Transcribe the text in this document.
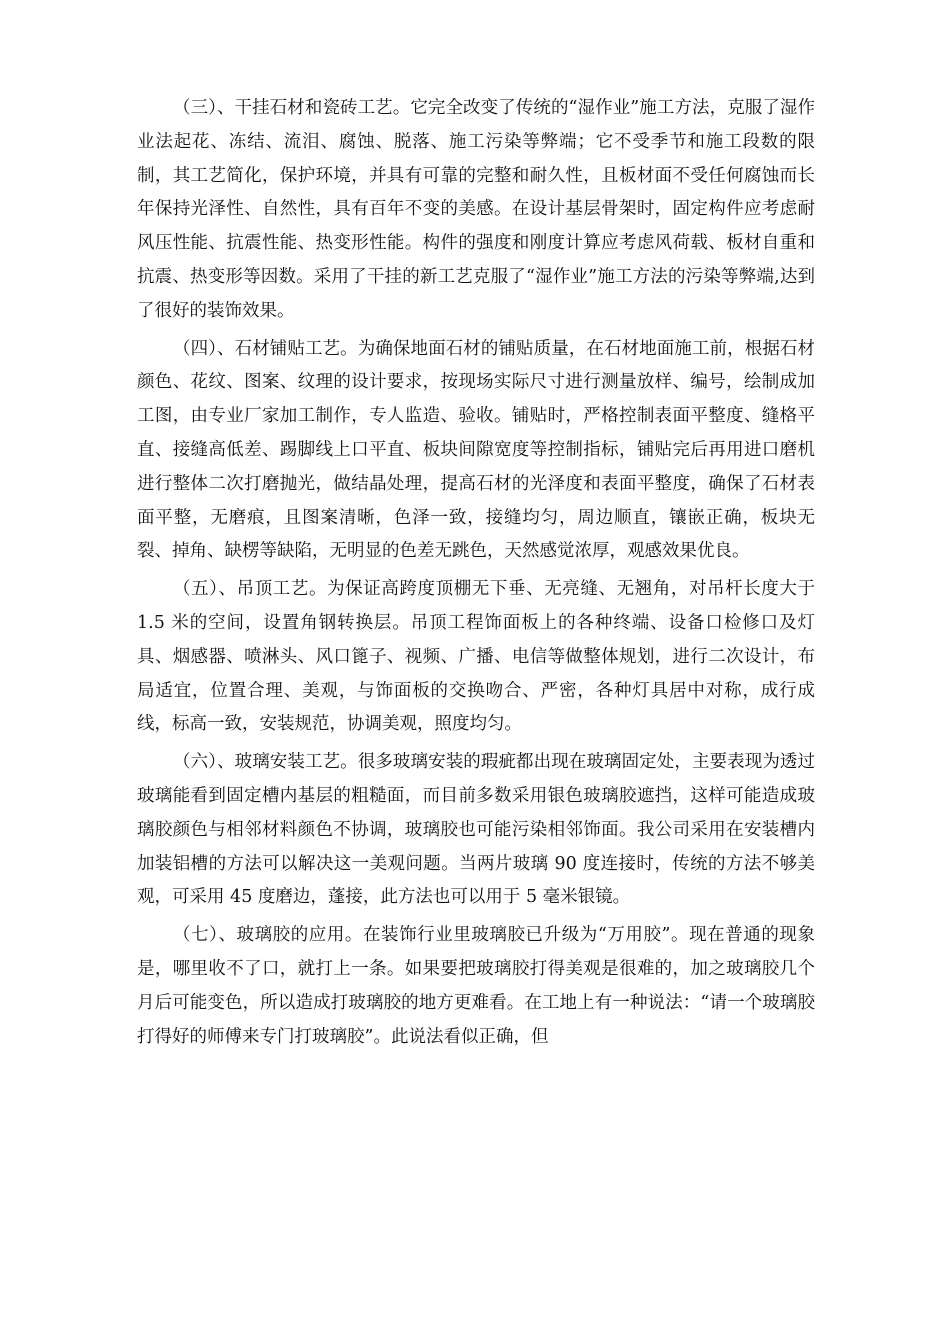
（三）、干挂石材和瓷砖工艺。它完全改变了传统的“湿作业”施工方法，克服了湿作业法起花、冻结、流泪、腐蚀、脱落、施工污染等弊端；它不受季节和施工段数的限制，其工艺简化，保护环境，并具有可靠的完整和耐久性，且板材面不受任何腐蚀而长年保持光泽性、自然性，具有百年不变的美感。在设计基层骨架时，固定构件应考虑耐风压性能、抗震性能、热变形性能。构件的强度和刚度计算应考虑风荷载、板材自重和抗震、热变形等因数。采用了干挂的新工艺克服了“湿作业”施工方法的污染等弊端,达到了很好的装饰效果。

（四）、石材铺贴工艺。为确保地面石材的铺贴质量，在石材地面施工前，根据石材颜色、花纹、图案、纹理的设计要求，按现场实际尺寸进行测量放样、编号，绘制成加工图，由专业厂家加工制作，专人监造、验收。铺贴时，严格控制表面平整度、缝格平直、接缝高低差、踢脚线上口平直、板块间隙宽度等控制指标，铺贴完后再用进口磨机进行整体二次打磨抛光，做结晶处理，提高石材的光泽度和表面平整度，确保了石材表面平整，无磨痕，且图案清晰，色泽一致，接缝均匀，周边顺直，镶嵌正确，板块无裂、掉角、缺楞等缺陷，无明显的色差无跳色，天然感觉浓厚，观感效果优良。

（五）、吊顶工艺。为保证高跨度顶棚无下垂、无亮缝、无翘角，对吊杆长度大于 1.5 米的空间，设置角钢转换层。吊顶工程饰面板上的各种终端、设备口检修口及灯具、烟感器、喷淋头、风口篦子、视频、广播、电信等做整体规划，进行二次设计，布局适宜，位置合理、美观，与饰面板的交换吻合、严密，各种灯具居中对称，成行成线，标高一致，安装规范，协调美观，照度均匀。

（六）、玻璃安装工艺。很多玻璃安装的瑕疵都出现在玻璃固定处，主要表现为透过玻璃能看到固定槽内基层的粗糙面，而目前多数采用银色玻璃胶遮挡，这样可能造成玻璃胶颜色与相邻材料颜色不协调，玻璃胶也可能污染相邻饰面。我公司采用在安装槽内加装铝槽的方法可以解决这一美观问题。当两片玻璃 90 度连接时，传统的方法不够美观，可采用 45 度磨边，蓬接，此方法也可以用于 5 毫米银镜。

（七）、玻璃胶的应用。在装饰行业里玻璃胶已升级为“万用胶”。现在普通的现象是，哪里收不了口，就打上一条。如果要把玻璃胶打得美观是很难的，加之玻璃胶几个月后可能变色，所以造成打玻璃胶的地方更难看。在工地上有一种说法：“请一个玻璃胶打得好的师傅来专门打玻璃胶”。此说法看似正确，但
